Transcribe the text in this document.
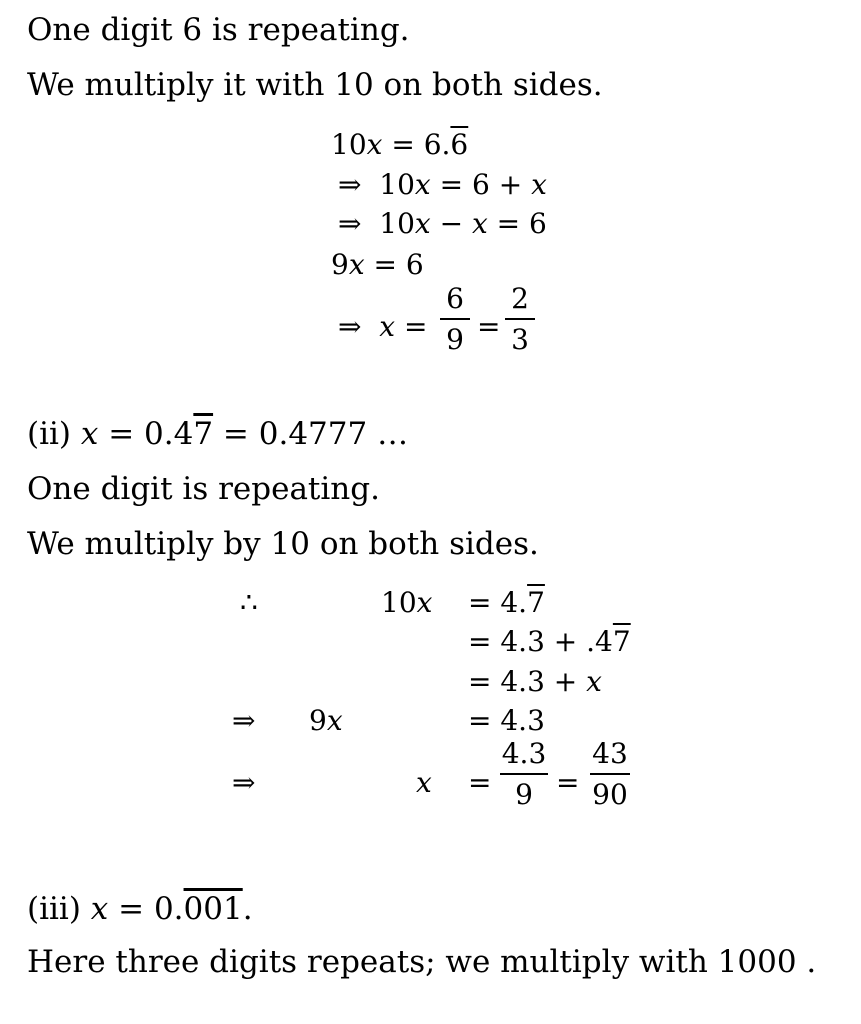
One digit 6 is repeating.
We multiply it with 10 on both sides.
10x = 6.6
⇒ 10x = 6 + x
⇒ 10x − x = 6
9x = 6
⇒ x =
6
9 =
2
3
(ii) x = 0.47 = 0.4777 …
One digit is repeating.
We multiply by 10 on both sides.
∴	10x = 4.7
= 4.3 + .47
= 4.3 + x
⇒ 9x	= 4.3
⇒	x =
4.3
9 =
43
90
(iii) x = 0.001.
Here three digits repeats; we multiply with 1000 .
